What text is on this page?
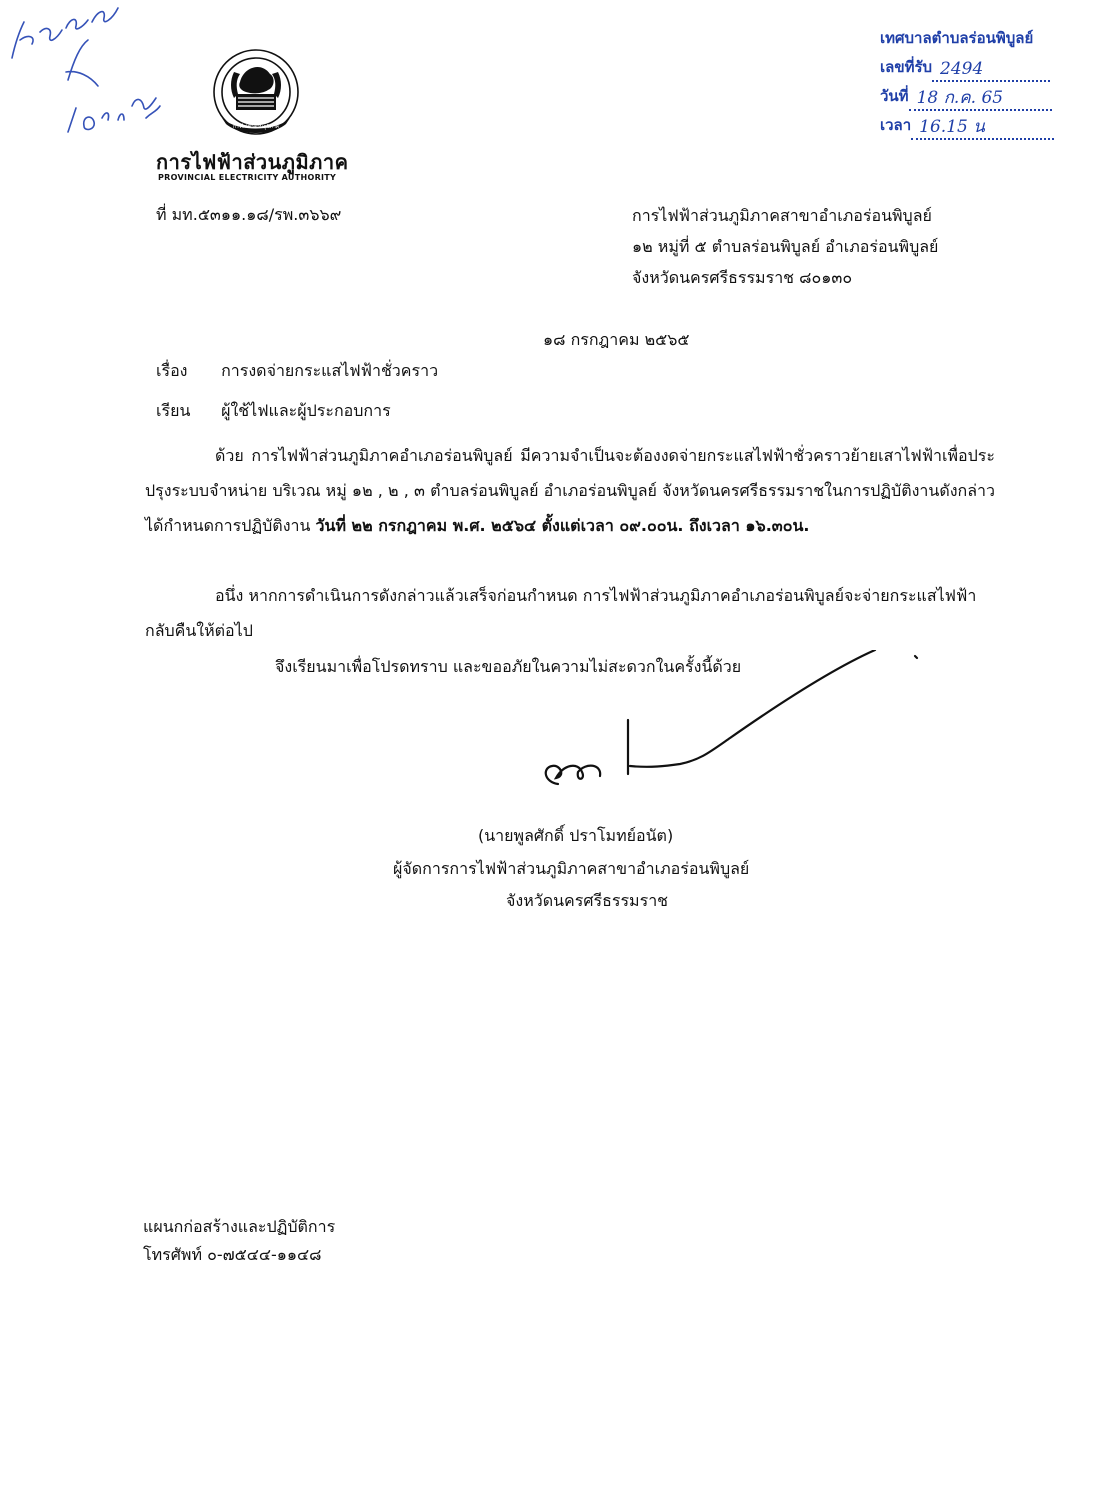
การไฟฟ้าส่วนภูมิภาค
การไฟฟ้าส่วนภูมิภาค
PROVINCIAL ELECTRICITY AUTHORITY
เทศบาลตำบลร่อนพิบูลย์
เลขที่รับ 2494
วันที่ 18 ก.ค. 65
เวลา 16.15 น
ที่ มท.๕๓๑๑.๑๘/รพ.๓๖๖๙	การไฟฟ้าส่วนภูมิภาคสาขาอำเภอร่อนพิบูลย์
๑๒ หมู่ที่ ๕ ตำบลร่อนพิบูลย์ อำเภอร่อนพิบูลย์
จังหวัดนครศรีธรรมราช ๘๐๑๓๐
๑๘ กรกฎาคม ๒๕๖๕
เรื่อง การงดจ่ายกระแสไฟฟ้าชั่วคราว
เรียน ผู้ใช้ไฟและผู้ประกอบการ
ด้วย การไฟฟ้าส่วนภูมิภาคอำเภอร่อนพิบูลย์ มีความจำเป็นจะต้องงดจ่ายกระแสไฟฟ้าชั่วคราวย้ายเสาไฟฟ้าเพื่อประปรุงระบบจำหน่าย บริเวณ หมู่ ๑๒ , ๒ , ๓ ตำบลร่อนพิบูลย์ อำเภอร่อนพิบูลย์ จังหวัดนครศรีธรรมราชในการปฏิบัติงานดังกล่าวได้กำหนดการปฏิบัติงาน วันที่ ๒๒ กรกฎาคม พ.ศ. ๒๕๖๔ ตั้งแต่เวลา ๐๙.๐๐น. ถึงเวลา ๑๖.๓๐น.
อนึ่ง หากการดำเนินการดังกล่าวแล้วเสร็จก่อนกำหนด การไฟฟ้าส่วนภูมิภาคอำเภอร่อนพิบูลย์จะจ่ายกระแสไฟฟ้ากลับคืนให้ต่อไป
จึงเรียนมาเพื่อโปรดทราบ และขออภัยในความไม่สะดวกในครั้งนี้ด้วย
(นายพูลศักดิ์ ปราโมทย์อนัต)
ผู้จัดการการไฟฟ้าส่วนภูมิภาคสาขาอำเภอร่อนพิบูลย์
จังหวัดนครศรีธรรมราช
แผนกก่อสร้างและปฏิบัติการ
โทรศัพท์ ๐-๗๕๔๔-๑๑๔๘
